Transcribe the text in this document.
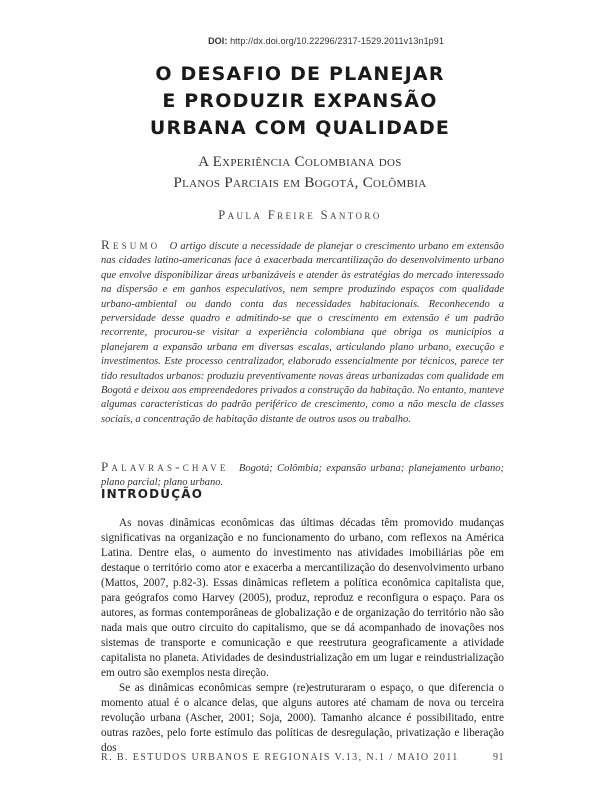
DOI: http://dx.doi.org/10.22296/2317-1529.2011v13n1p91
O DESAFIO DE PLANEJAR
E PRODUZIR EXPANSÃO
URBANA COM QUALIDADE
A Experiência Colombiana dos
Planos Parciais em Bogotá, Colômbia
Paula Freire Santoro
Resumo O artigo discute a necessidade de planejar o crescimento urbano em extensão nas cidades latino-americanas face à exacerbada mercantilização do desenvolvimento urbano que envolve disponibilizar áreas urbanizáveis e atender às estratégias do mercado interessado na dispersão e em ganhos especulativos, nem sempre produzindo espaços com qualidade urbano-ambiental ou dando conta das necessidades habitacionais. Reconhecendo a perversidade desse quadro e admitindo-se que o crescimento em extensão é um padrão recorrente, procurou-se visitar a experiência colombiana que obriga os municípios a planejarem a expansão urbana em diversas escalas, articulando plano urbano, execução e investimentos. Este processo centralizador, elaborado essencialmente por técnicos, parece ter tido resultados urbanos: produziu preventivamente novas áreas urbanizadas com qualidade em Bogotá e deixou aos empreendedores privados a construção da habitação. No entanto, manteve algumas características do padrão periférico de crescimento, como a não mescla de classes sociais, a concentração de habitação distante de outros usos ou trabalho.
Palavras-chave Bogotá; Colômbia; expansão urbana; planejamento urbano; plano parcial; plano urbano.
INTRODUÇÃO

As novas dinâmicas econômicas das últimas décadas têm promovido mudanças significativas na organização e no funcionamento do urbano, com reflexos na América Latina. Dentre elas, o aumento do investimento nas atividades imobiliárias põe em destaque o território como ator e exacerba a mercantilização do desenvolvimento urbano (Mattos, 2007, p.82-3). Essas dinâmicas refletem a política econômica capitalista que, para geógrafos como Harvey (2005), produz, reproduz e reconfigura o espaço. Para os autores, as formas contemporâneas de globalização e de organização do território não são nada mais que outro circuito do capitalismo, que se dá acompanhado de inovações nos sistemas de transporte e comunicação e que reestrutura geograficamente a atividade capitalista no planeta. Atividades de desindustrialização em um lugar e reindustrialização em outro são exemplos nesta direção.

Se as dinâmicas econômicas sempre (re)estruturaram o espaço, o que diferencia o momento atual é o alcance delas, que alguns autores até chamam de nova ou terceira revolução urbana (Ascher, 2001; Soja, 2000). Tamanho alcance é possibilitado, entre outras razões, pelo forte estímulo das políticas de desregulação, privatização e liberação dos

R. B. ESTUDOS URBANOS E REGIONAIS V.13, N.1 / MAIO 2011	91
